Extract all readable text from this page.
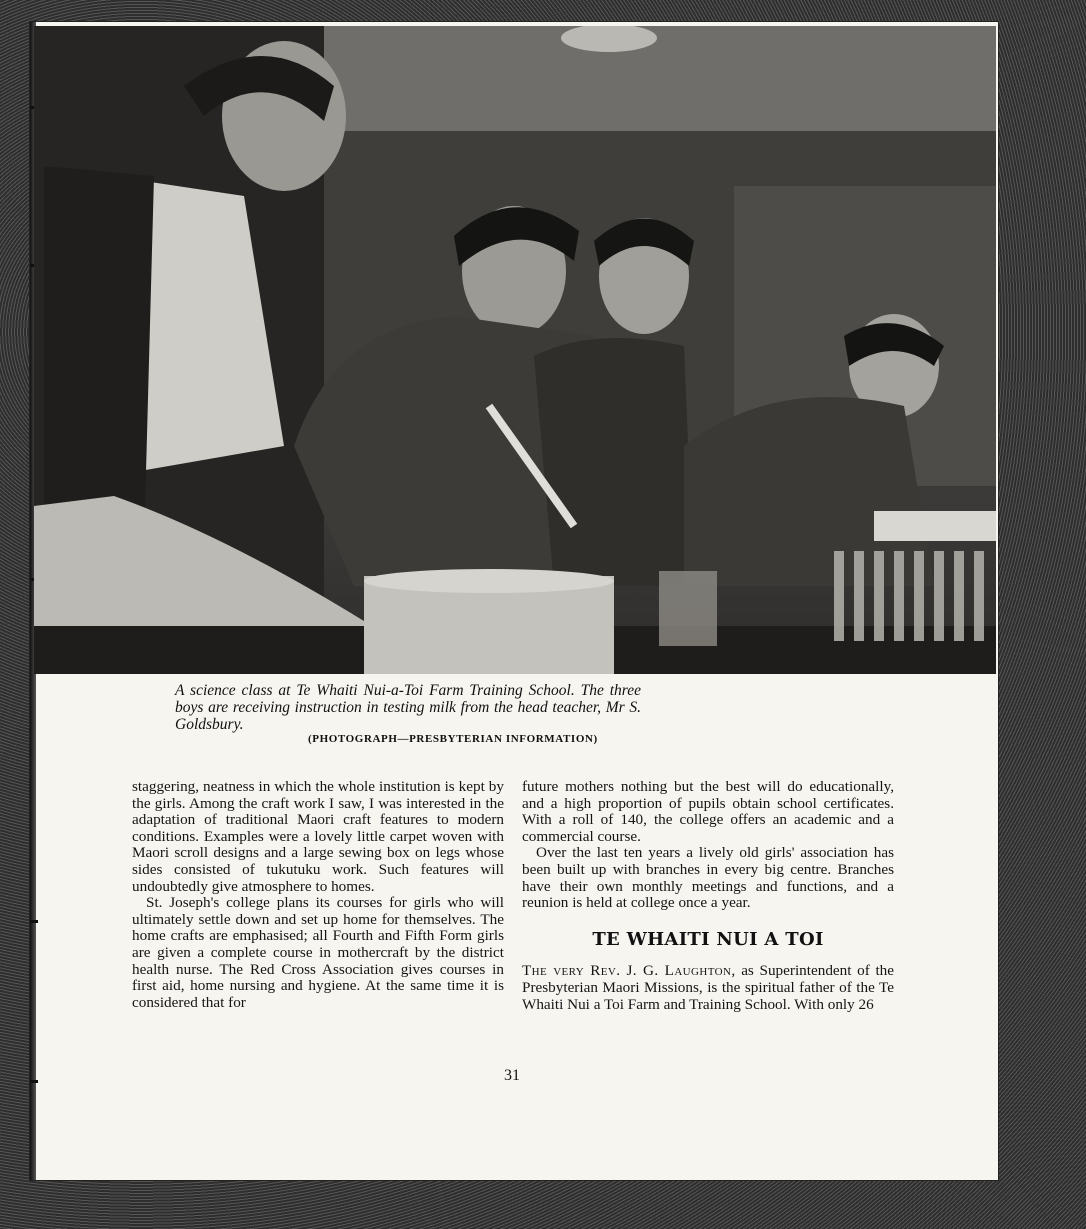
A science class at Te Whaiti Nui-a-Toi Farm Training School. The three boys are receiving instruction in testing milk from the head teacher, Mr S. Goldsbury.
(PHOTOGRAPH—PRESBYTERIAN INFORMATION)

staggering, neatness in which the whole institution is kept by the girls. Among the craft work I saw, I was interested in the adaptation of traditional Maori craft features to modern conditions. Examples were a lovely little carpet woven with Maori scroll designs and a large sewing box on legs whose sides consisted of tukutuku work. Such features will undoubtedly give atmosphere to homes.

St. Joseph's college plans its courses for girls who will ultimately settle down and set up home for themselves. The home crafts are emphasised; all Fourth and Fifth Form girls are given a complete course in mothercraft by the district health nurse. The Red Cross Association gives courses in first aid, home nursing and hygiene. At the same time it is considered that for

future mothers nothing but the best will do educationally, and a high proportion of pupils obtain school certificates. With a roll of 140, the college offers an academic and a commercial course.

Over the last ten years a lively old girls' association has been built up with branches in every big centre. Branches have their own monthly meetings and functions, and a reunion is held at college once a year.

TE WHAITI NUI A TOI

The very Rev. J. G. Laughton, as Superintendent of the Presbyterian Maori Missions, is the spiritual father of the Te Whaiti Nui a Toi Farm and Training School. With only 26

31
